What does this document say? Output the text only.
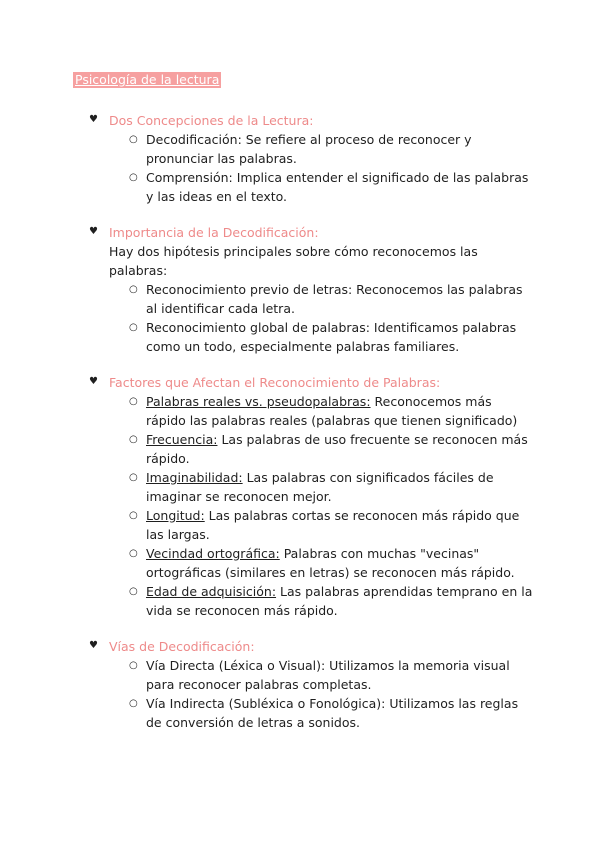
Psicología de la lectura
♥ Dos Concepciones de la Lectura:
○ Decodificación: Se refiere al proceso de reconocer y pronunciar las palabras.
○ Comprensión: Implica entender el significado de las palabras y las ideas en el texto.
♥ Importancia de la Decodificación:
Hay dos hipótesis principales sobre cómo reconocemos las palabras:
○ Reconocimiento previo de letras: Reconocemos las palabras al identificar cada letra.
○ Reconocimiento global de palabras: Identificamos palabras como un todo, especialmente palabras familiares.
♥ Factores que Afectan el Reconocimiento de Palabras:
○ Palabras reales vs. pseudopalabras: Reconocemos más rápido las palabras reales (palabras que tienen significado)
○ Frecuencia: Las palabras de uso frecuente se reconocen más rápido.
○ Imaginabilidad: Las palabras con significados fáciles de imaginar se reconocen mejor.
○ Longitud: Las palabras cortas se reconocen más rápido que las largas.
○ Vecindad ortográfica: Palabras con muchas "vecinas" ortográficas (similares en letras) se reconocen más rápido.
○ Edad de adquisición: Las palabras aprendidas temprano en la vida se reconocen más rápido.
♥ Vías de Decodificación:
○ Vía Directa (Léxica o Visual): Utilizamos la memoria visual para reconocer palabras completas.
○ Vía Indirecta (Subléxica o Fonológica): Utilizamos las reglas de conversión de letras a sonidos.
